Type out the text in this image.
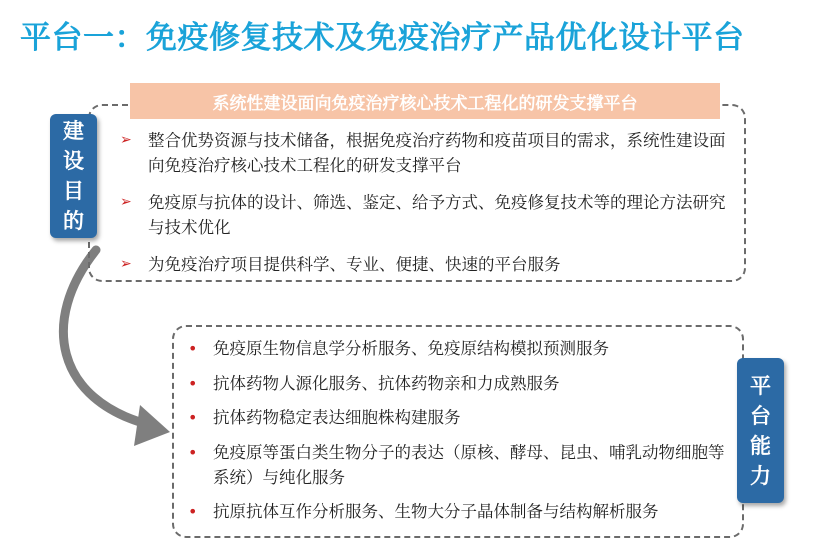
平台一：免疫修复技术及免疫治疗产品优化设计平台
系统性建设面向免疫治疗核心技术工程化的研发支撑平台
建
设
目
的
➢ 整合优势资源与技术储备，根据免疫治疗药物和疫苗项目的需求，系统性建设面向免疫治疗核心技术工程化的研发支撑平台
➢ 免疫原与抗体的设计、筛选、鉴定、给予方式、免疫修复技术等的理论方法研究与技术优化
➢ 为免疫治疗项目提供科学、专业、便捷、快速的平台服务
• 免疫原生物信息学分析服务、免疫原结构模拟预测服务
• 抗体药物人源化服务、抗体药物亲和力成熟服务
• 抗体药物稳定表达细胞株构建服务
• 免疫原等蛋白类生物分子的表达（原核、酵母、昆虫、哺乳动物细胞等系统）与纯化服务
• 抗原抗体互作分析服务、生物大分子晶体制备与结构解析服务
平
台
能
力
